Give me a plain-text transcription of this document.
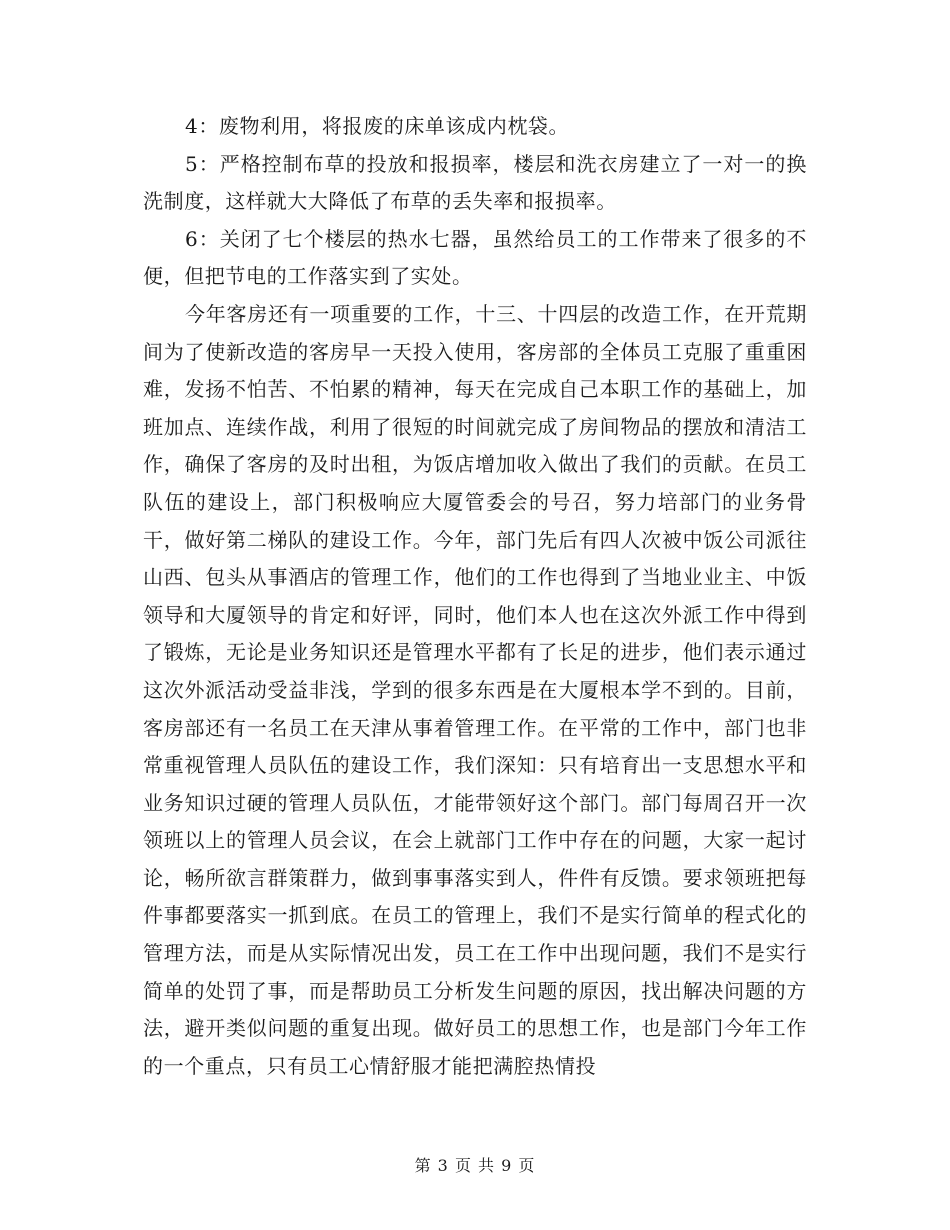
4：废物利用，将报废的床单该成内枕袋。

5：严格控制布草的投放和报损率，楼层和洗衣房建立了一对一的换洗制度，这样就大大降低了布草的丢失率和报损率。

6：关闭了七个楼层的热水七器，虽然给员工的工作带来了很多的不便，但把节电的工作落实到了实处。

今年客房还有一项重要的工作，十三、十四层的改造工作，在开荒期间为了使新改造的客房早一天投入使用，客房部的全体员工克服了重重困难，发扬不怕苦、不怕累的精神，每天在完成自己本职工作的基础上，加班加点、连续作战，利用了很短的时间就完成了房间物品的摆放和清洁工作，确保了客房的及时出租，为饭店增加收入做出了我们的贡献。在员工队伍的建设上，部门积极响应大厦管委会的号召，努力培部门的业务骨干，做好第二梯队的建设工作。今年，部门先后有四人次被中饭公司派往山西、包头从事酒店的管理工作，他们的工作也得到了当地业业主、中饭领导和大厦领导的肯定和好评，同时，他们本人也在这次外派工作中得到了锻炼，无论是业务知识还是管理水平都有了长足的进步，他们表示通过这次外派活动受益非浅，学到的很多东西是在大厦根本学不到的。目前，客房部还有一名员工在天津从事着管理工作。在平常的工作中，部门也非常重视管理人员队伍的建设工作，我们深知：只有培育出一支思想水平和业务知识过硬的管理人员队伍，才能带领好这个部门。部门每周召开一次领班以上的管理人员会议，在会上就部门工作中存在的问题，大家一起讨论，畅所欲言群策群力，做到事事落实到人，件件有反馈。要求领班把每件事都要落实一抓到底。在员工的管理上，我们不是实行简单的程式化的管理方法，而是从实际情况出发，员工在工作中出现问题，我们不是实行简单的处罚了事，而是帮助员工分析发生问题的原因，找出解决问题的方法，避开类似问题的重复出现。做好员工的思想工作，也是部门今年工作的一个重点，只有员工心情舒服才能把满腔热情投

第 3 页 共 9 页
